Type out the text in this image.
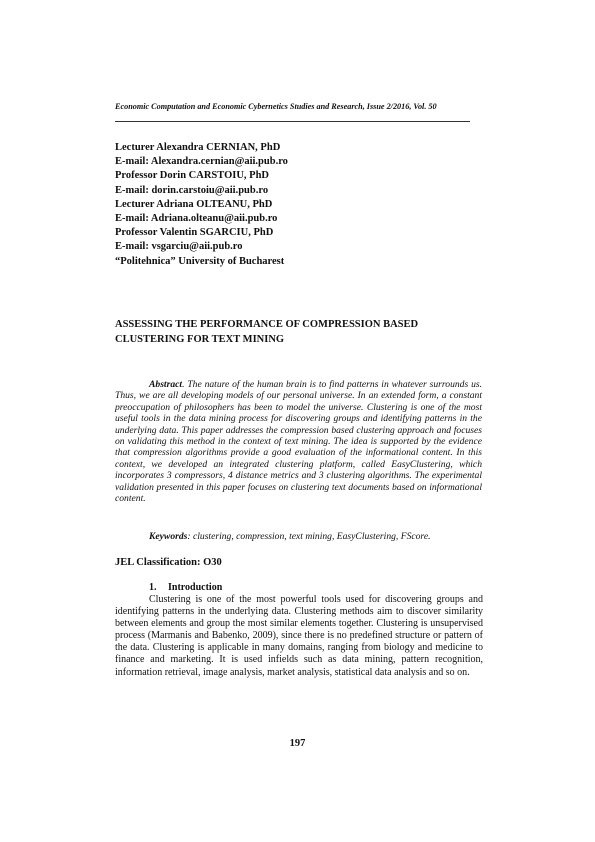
Economic Computation and Economic Cybernetics Studies and Research, Issue 2/2016, Vol. 50
Lecturer Alexandra CERNIAN, PhD
E-mail: Alexandra.cernian@aii.pub.ro
Professor Dorin CARSTOIU, PhD
E-mail: dorin.carstoiu@aii.pub.ro
Lecturer Adriana OLTEANU, PhD
E-mail: Adriana.olteanu@aii.pub.ro
Professor Valentin SGARCIU, PhD
E-mail: vsgarciu@aii.pub.ro
“Politehnica” University of Bucharest
ASSESSING THE PERFORMANCE OF COMPRESSION BASED
CLUSTERING FOR TEXT MINING
Abstract. The nature of the human brain is to find patterns in whatever surrounds us. Thus, we are all developing models of our personal universe. In an extended form, a constant preoccupation of philosophers has been to model the universe. Clustering is one of the most useful tools in the data mining process for discovering groups and identifying patterns in the underlying data. This paper addresses the compression based clustering approach and focuses on validating this method in the context of text mining. The idea is supported by the evidence that compression algorithms provide a good evaluation of the informational content. In this context, we developed an integrated clustering platform, called EasyClustering, which incorporates 3 compressors, 4 distance metrics and 3 clustering algorithms. The experimental validation presented in this paper focuses on clustering text documents based on informational content.
Keywords: clustering, compression, text mining, EasyClustering, FScore.
JEL Classification: O30
1. Introduction
Clustering is one of the most powerful tools used for discovering groups and identifying patterns in the underlying data. Clustering methods aim to discover similarity between elements and group the most similar elements together. Clustering is unsupervised process (Marmanis and Babenko, 2009), since there is no predefined structure or pattern of the data. Clustering is applicable in many domains, ranging from biology and medicine to finance and marketing. It is used infields such as data mining, pattern recognition, information retrieval, image analysis, market analysis, statistical data analysis and so on.
197
